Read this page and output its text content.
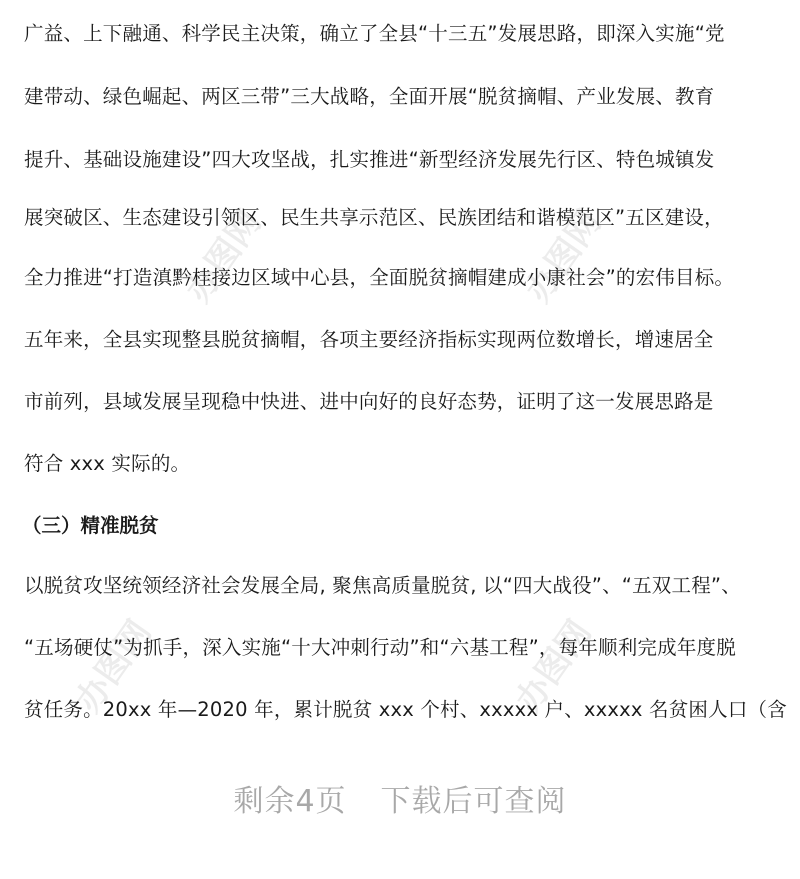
办图网	办图网
办图网	办图网
广益、上下融通、科学民主决策，确立了全县“十三五”发展思路，即深入实施“党
建带动、绿色崛起、两区三带”三大战略，全面开展“脱贫摘帽、产业发展、教育
提升、基础设施建设”四大攻坚战，扎实推进“新型经济发展先行区、特色城镇发
展突破区、生态建设引领区、民生共享示范区、民族团结和谐模范区”五区建设，
全力推进“打造滇黔桂接边区域中心县，全面脱贫摘帽建成小康社会”的宏伟目标。
五年来，全县实现整县脱贫摘帽，各项主要经济指标实现两位数增长，增速居全
市前列，县域发展呈现稳中快进、进中向好的良好态势，证明了这一发展思路是
符合 xxx 实际的。
（三）精准脱贫
以脱贫攻坚统领经济社会发展全局, 聚焦高质量脱贫, 以“四大战役”、“五双工程”、
“五场硬仗”为抓手，深入实施“十大冲刺行动”和“六基工程”，每年顺利完成年度脱
贫任务。20xx 年—2020 年，累计脱贫 xxx 个村、xxxxx 户、xxxxx 名贫困人口（含
剩余4页 下载后可查阅
